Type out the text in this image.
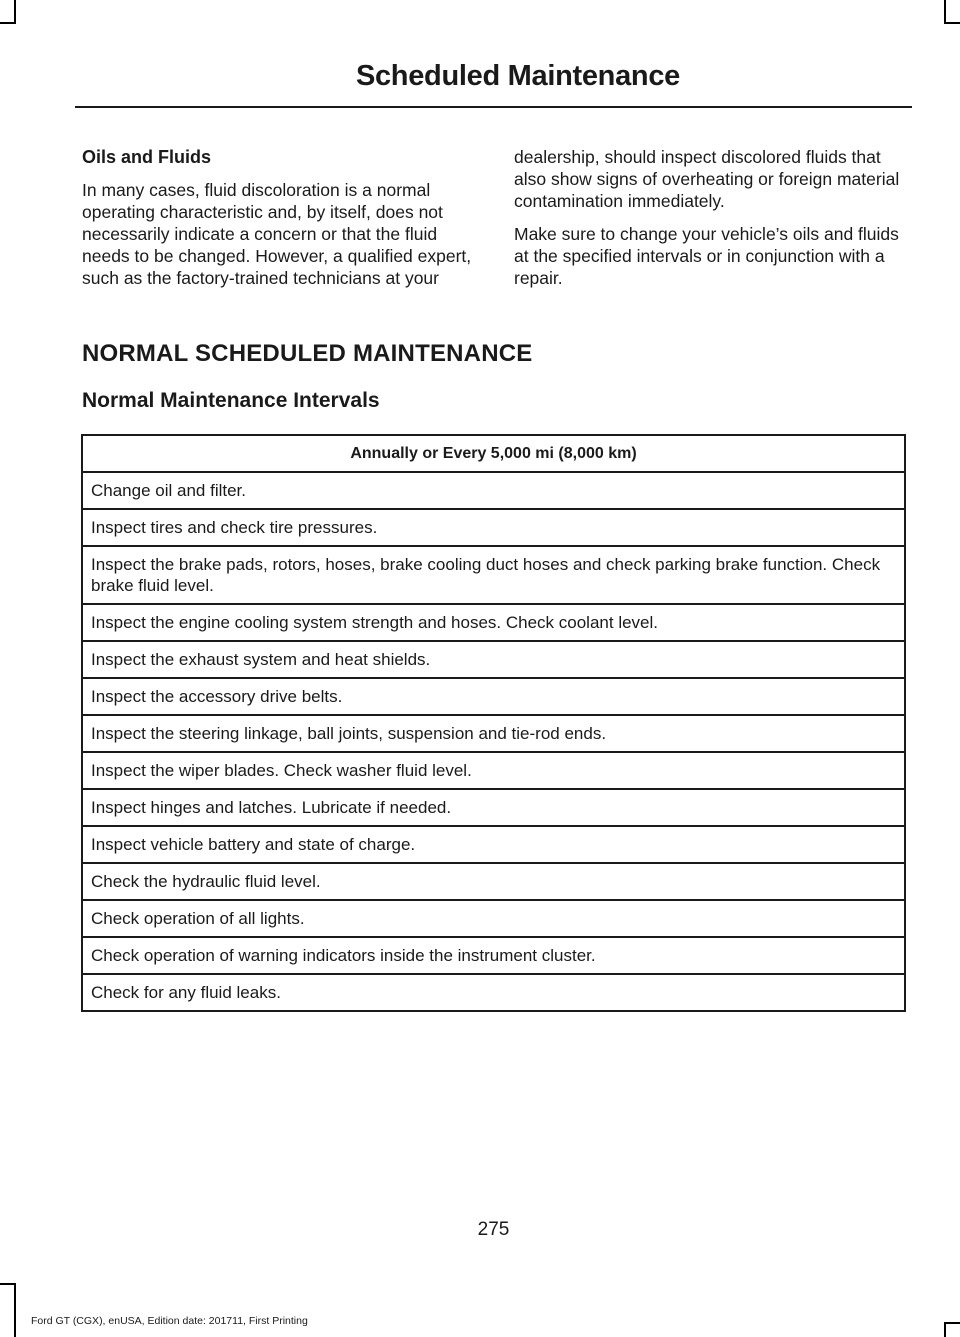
Scheduled Maintenance
Oils and Fluids

In many cases, fluid discoloration is a normal operating characteristic and, by itself, does not necessarily indicate a concern or that the fluid needs to be changed. However, a qualified expert, such as the factory-trained technicians at your

dealership, should inspect discolored fluids that also show signs of overheating or foreign material contamination immediately.

Make sure to change your vehicle’s oils and fluids at the specified intervals or in conjunction with a repair.

NORMAL SCHEDULED MAINTENANCE
Normal Maintenance Intervals
Annually or Every 5,000 mi (8,000 km)
Change oil and filter.
Inspect tires and check tire pressures.
Inspect the brake pads, rotors, hoses, brake cooling duct hoses and check parking brake function. Check brake fluid level.
Inspect the engine cooling system strength and hoses. Check coolant level.
Inspect the exhaust system and heat shields.
Inspect the accessory drive belts.
Inspect the steering linkage, ball joints, suspension and tie-rod ends.
Inspect the wiper blades. Check washer fluid level.
Inspect hinges and latches. Lubricate if needed.
Inspect vehicle battery and state of charge.
Check the hydraulic fluid level.
Check operation of all lights.
Check operation of warning indicators inside the instrument cluster.
Check for any fluid leaks.
275
Ford GT (CGX), enUSA, Edition date: 201711, First Printing
